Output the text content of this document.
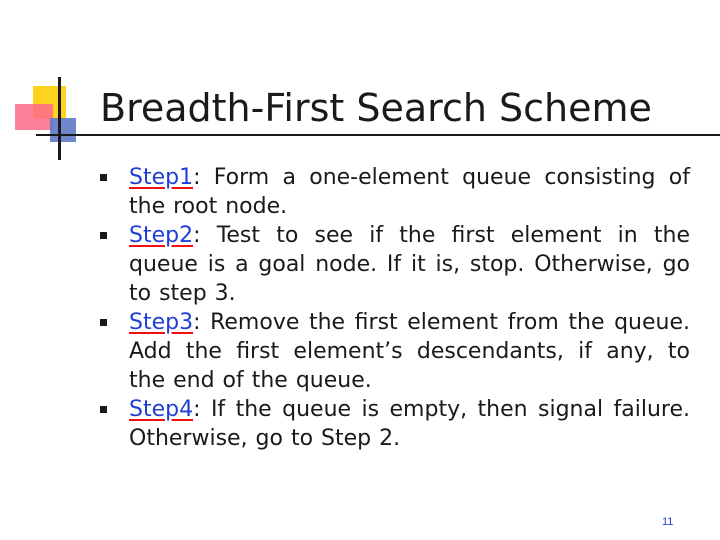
Breadth-First Search Scheme
Step1: Form a one-element queue consisting of the root node.
Step2: Test to see if the first element in the queue is a goal node. If it is, stop. Otherwise, go to step 3.
Step3: Remove the first element from the queue. Add the first element’s descendants, if any, to the end of the queue.
Step4: If the queue is empty, then signal failure. Otherwise, go to Step 2.
11
